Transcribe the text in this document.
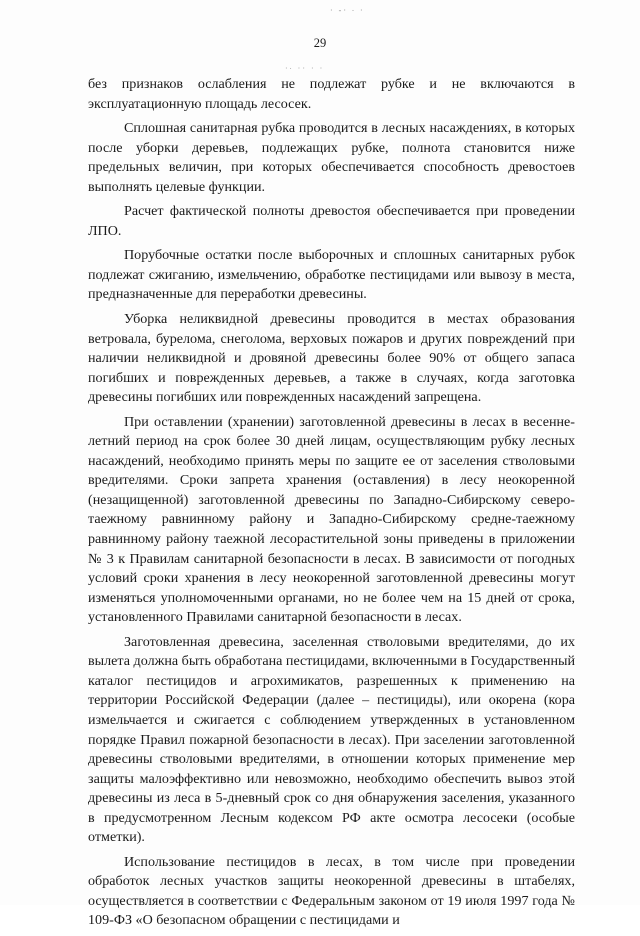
· -· ∙ ·
29
·∙ ·· · ·

без признаков ослабления не подлежат рубке и не включаются в эксплуатационную площадь лесосек.

Сплошная санитарная рубка проводится в лесных насаждениях, в которых после уборки деревьев, подлежащих рубке, полнота становится ниже предельных величин, при которых обеспечивается способность древостоев выполнять целевые функции.

Расчет фактической полноты древостоя обеспечивается при проведении ЛПО.

Порубочные остатки после выборочных и сплошных санитарных рубок подлежат сжиганию, измельчению, обработке пестицидами или вывозу в места, предназначенные для переработки древесины.

Уборка неликвидной древесины проводится в местах образования ветровала, бурелома, снеголома, верховых пожаров и других повреждений при наличии неликвидной и дровяной древесины более 90% от общего запаса погибших и поврежденных деревьев, а также в случаях, когда заготовка древесины погибших или поврежденных насаждений запрещена.

При оставлении (хранении) заготовленной древесины в лесах в весенне-летний период на срок более 30 дней лицам, осуществляющим рубку лесных насаждений, необходимо принять меры по защите ее от заселения стволовыми вредителями. Сроки запрета хранения (оставления) в лесу неокоренной (незащищенной) заготовленной древесины по Западно-Сибирскому северо-таежному равнинному району и Западно-Сибирскому средне-таежному равнинному району таежной лесорастительной зоны приведены в приложении № 3 к Правилам санитарной безопасности в лесах. В зависимости от погодных условий сроки хранения в лесу неокоренной заготовленной древесины могут изменяться уполномоченными органами, но не более чем на 15 дней от срока, установленного Правилами санитарной безопасности в лесах.

Заготовленная древесина, заселенная стволовыми вредителями, до их вылета должна быть обработана пестицидами, включенными в Государственный каталог пестицидов и агрохимикатов, разрешенных к применению на территории Российской Федерации (далее – пестициды), или окорена (кора измельчается и сжигается с соблюдением утвержденных в установленном порядке Правил пожарной безопасности в лесах). При заселении заготовленной древесины стволовыми вредителями, в отношении которых применение мер защиты малоэффективно или невозможно, необходимо обеспечить вывоз этой древесины из леса в 5-дневный срок со дня обнаружения заселения, указанного в предусмотренном Лесным кодексом РФ акте осмотра лесосеки (особые отметки).

Использование пестицидов в лесах, в том числе при проведении обработок лесных участков защиты неокоренной древесины в штабелях, осуществляется в соответствии с Федеральным законом от 19 июля 1997 года № 109-ФЗ «О безопасном обращении с пестицидами и
